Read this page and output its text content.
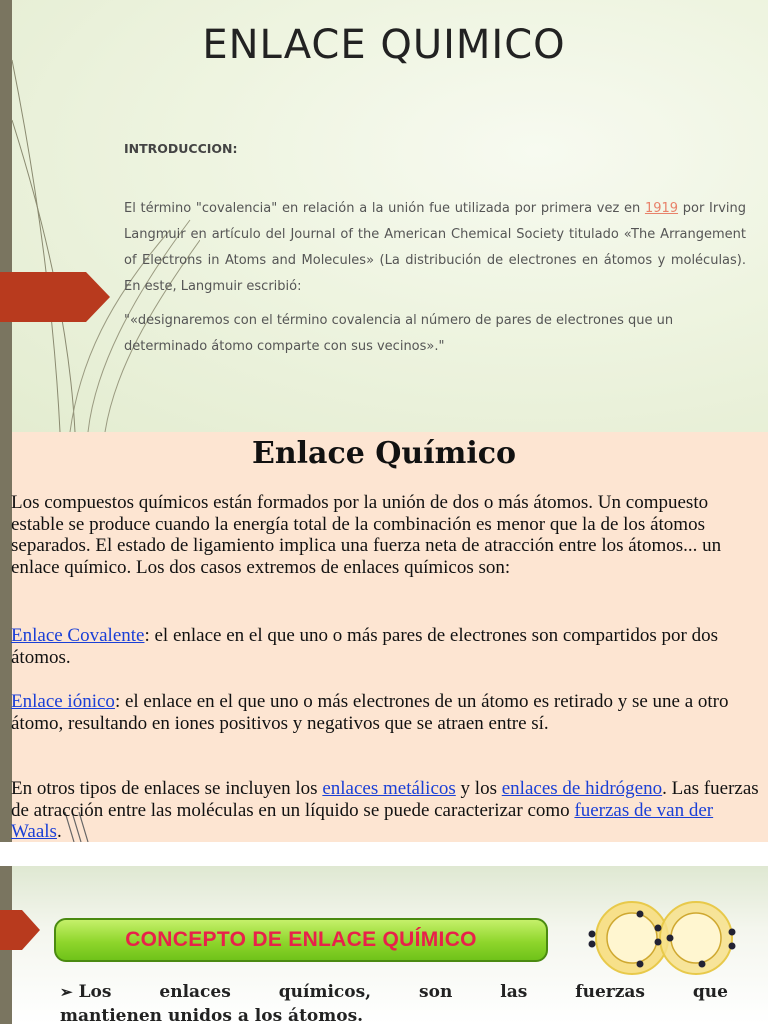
ENLACE QUIMICO
INTRODUCCION:
El término "covalencia" en relación a la unión fue utilizada por primera vez en 1919 por Irving Langmuir en artículo del Journal of the American Chemical Society titulado «The Arrangement of Electrons in Atoms and Molecules» (La distribución de electrones en átomos y moléculas). En este, Langmuir escribió:
"«designaremos con el término covalencia al número de pares de electrones que un determinado átomo comparte con sus vecinos»."
Enlace Químico

Los compuestos químicos están formados por la unión de dos o más átomos. Un compuesto estable se produce cuando la energía total de la combinación es menor que la de los átomos separados. El estado de ligamiento implica una fuerza neta de atracción entre los átomos... un enlace químico. Los dos casos extremos de enlaces químicos son:

Enlace Covalente: el enlace en el que uno o más pares de electrones son compartidos por dos átomos.

Enlace iónico: el enlace en el que uno o más electrones de un átomo es retirado y se une a otro átomo, resultando en iones positivos y negativos que se atraen entre sí.

En otros tipos de enlaces se incluyen los enlaces metálicos y los enlaces de hidrógeno. Las fuerzas de atracción entre las moléculas en un líquido se puede caracterizar como fuerzas de van der Waals.

CONCEPTO DE ENLACE QUÍMICO
➢ Los	enlaces	químicos,	son	las	fuerzas	que
mantienen unidos a los átomos.
